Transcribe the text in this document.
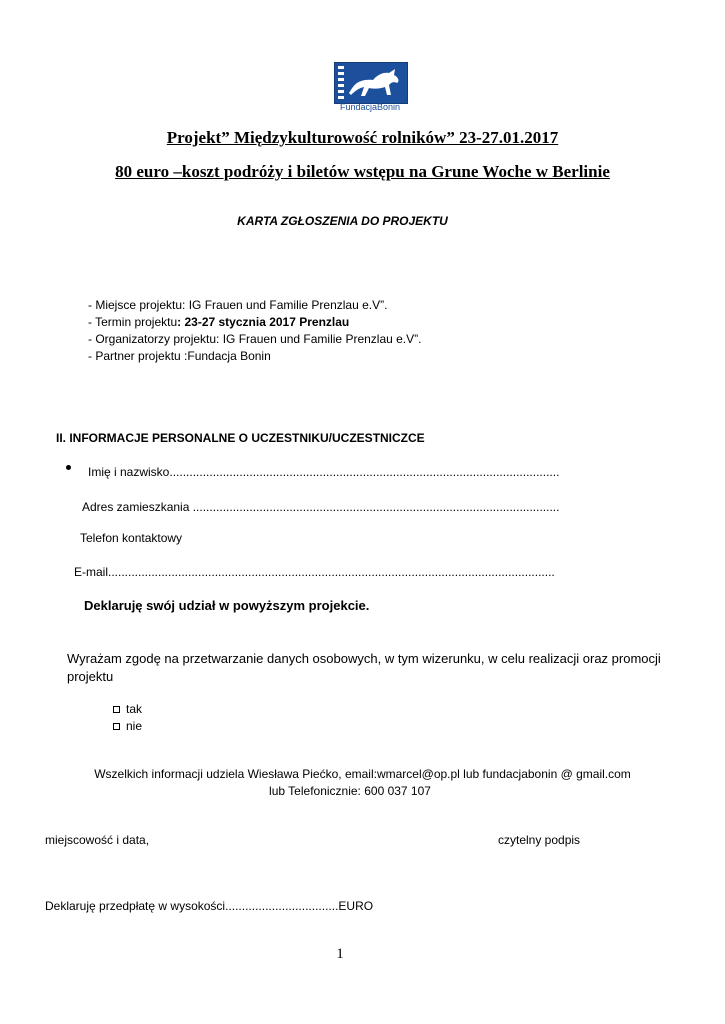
FundacjaBonin
Projekt” Międzykulturowość rolników” 23-27.01.2017
80 euro –koszt podróży i biletów wstępu na Grune Woche w Berlinie
KARTA ZGŁOSZENIA DO PROJEKTU
- Miejsce projektu: IG Frauen und Familie Prenzlau e.V”.
- Termin projektu: 23-27 stycznia 2017 Prenzlau
- Organizatorzy projektu: IG Frauen und Familie Prenzlau e.V”.
- Partner projektu :Fundacja Bonin
II. INFORMACJE PERSONALNE O UCZESTNIKU/UCZESTNICZCE
Imię i nazwisko.....................................................................................................................
Adres zamieszkania ..............................................................................................................
Telefon kontaktowy
E-mail......................................................................................................................................
Deklaruję swój udział w powyższym projekcie.
Wyrażam zgodę na przetwarzanie danych osobowych, w tym wizerunku, w celu realizacji oraz promocji projektu
tak
nie
Wszelkich informacji udziela Wiesława Piećko, email:wmarcel@op.pl lub fundacjabonin @ gmail.com
lub Telefonicznie: 600 037 107
miejscowość i data,	czytelny podpis
Deklaruję przedpłatę w wysokości..................................EURO
1
